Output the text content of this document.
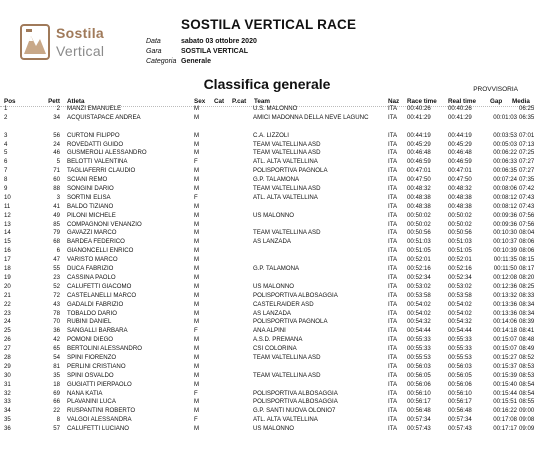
Sostila
Vertical
SOSTILA VERTICAL RACE
Data	sabato 03 ottobre 2020
Gara	SOSTILA VERTICAL
Categoria Generale
Classifica generale	PROVVISORIA
Pos	Pett Atleta	Sex Cat	P.cat Team	Naz	Race time	Real time	Gap	Media
1	2 MANZI EMANUELE	M	U.S. MALONNO	ITA	00:40:26	00:40:26	06:25
2	34 ACQUISTAPACE ANDREA	M	AMICI MADONNA DELLA NEVE LAGUNC	ITA	00:41:29	00:41:29	00:01:03 06:35
3	56 CURTONI FILIPPO	M	C.A. LIZZOLI	ITA	00:44:19	00:44:19	00:03:53 07:01
4	24 ROVEDATTI GUIDO	M	TEAM VALTELLINA ASD	ITA	00:45:29	00:45:29	00:05:03 07:13
5	46 GUSMEROLI ALESSANDRO	M	TEAM VALTELLINA ASD	ITA	00:46:48	00:46:48	00:06:22 07:25
6	5 BELOTTI VALENTINA	F	ATL. ALTA VALTELLINA	ITA	00:46:59	00:46:59	00:06:33 07:27
7	71 TAGLIAFERRI CLAUDIO	M	POLISPORTIVA PAGNOLA	ITA	00:47:01	00:47:01	00:06:35 07:27
8	60 SCIANI REMO	M	G.P. TALAMONA	ITA	00:47:50	00:47:50	00:07:24 07:35
9	88 SONGINI DARIO	M	TEAM VALTELLINA ASD	ITA	00:48:32	00:48:32	00:08:06 07:42
10	3 SORTINI ELISA	F	ATL. ALTA VALTELLINA	ITA	00:48:38	00:48:38	00:08:12 07:43
11	41 BALDO TIZIANO	M	ITA	00:48:38	00:48:38	00:08:12 07:43
12	49 PILONI MICHELE	M	US MALONNO	ITA	00:50:02	00:50:02	00:09:36 07:56
13	85 COMPAGNONI VENANZIO	M	ITA	00:50:02	00:50:02	00:09:36 07:56
14	79 GAVAZZI MARCO	M	TEAM VALTELLINA ASD	ITA	00:50:56	00:50:56	00:10:30 08:04
15	68 BARDEA FEDERICO	M	AS LANZADA	ITA	00:51:03	00:51:03	00:10:37 08:06
16	6 GIANONCELLI ENRICO	M	ITA	00:51:05	00:51:05	00:10:39 08:06
17	47 VARISTO MARCO	M	ITA	00:52:01	00:52:01	00:11:35 08:15
18	55 DUCA FABRIZIO	M	G.P. TALAMONA	ITA	00:52:16	00:52:16	00:11:50 08:17
19	23 CASSINA PAOLO	M	ITA	00:52:34	00:52:34	00:12:08 08:20
20	52 CALUFETTI GIACOMO	M	US MALONNO	ITA	00:53:02	00:53:02	00:12:36 08:25
21	72 CASTELANELLI MARCO	M	POLISPORTIVA ALBOSAGGIA	ITA	00:53:58	00:53:58	00:13:32 08:33
22	43 GADALDI FABRIZIO	M	CASTELRAIDER ASD	ITA	00:54:02	00:54:02	00:13:36 08:34
23	78 TOBALDO DARIO	M	AS LANZADA	ITA	00:54:02	00:54:02	00:13:36 08:34
24	70 RUBINI DANIEL	M	POLISPORTIVA PAGNOLA	ITA	00:54:32	00:54:32	00:14:06 08:39
25	36 SANGALLI BARBARA	F	ANA ALPINI	ITA	00:54:44	00:54:44	00:14:18 08:41
26	42 POMONI DIEGO	M	A.S.D. PREMANA	ITA	00:55:33	00:55:33	00:15:07 08:48
27	65 BERTOLINI ALESSANDRO	M	CSI COLORINA	ITA	00:55:33	00:55:33	00:15:07 08:49
28	54 SPINI FIORENZO	M	TEAM VALTELLINA ASD	ITA	00:55:53	00:55:53	00:15:27 08:52
29	81 PERLINI CRISTIANO	M	ITA	00:56:03	00:56:03	00:15:37 08:53
30	35 SPINI OSVALDO	M	TEAM VALTELLINA ASD	ITA	00:56:05	00:56:05	00:15:39 08:53
31	18 GUGIATTI PIERPAOLO	M	ITA	00:56:06	00:56:06	00:15:40 08:54
32	69 NANA KATIA	F	POLISPORTIVA ALBOSAGGIA	ITA	00:56:10	00:56:10	00:15:44 08:54
33	66 PLAVANINI LUCA	M	POLISPORTIVA ALBOSAGGIA	ITA	00:56:17	00:56:17	00:15:51 08:55
34	22 RUSPANTINI ROBERTO	M	G.P. SANTI NUOVA OLONIO7	ITA	00:56:48	00:56:48	00:16:22 09:00
35	8 VALGOI ALESSANDRA	F	ATL. ALTA VALTELLINA	ITA	00:57:34	00:57:34	00:17:08 09:08
36	57 CALUFETTI LUCIANO	M	US MALONNO	ITA	00:57:43	00:57:43	00:17:17 09:09
